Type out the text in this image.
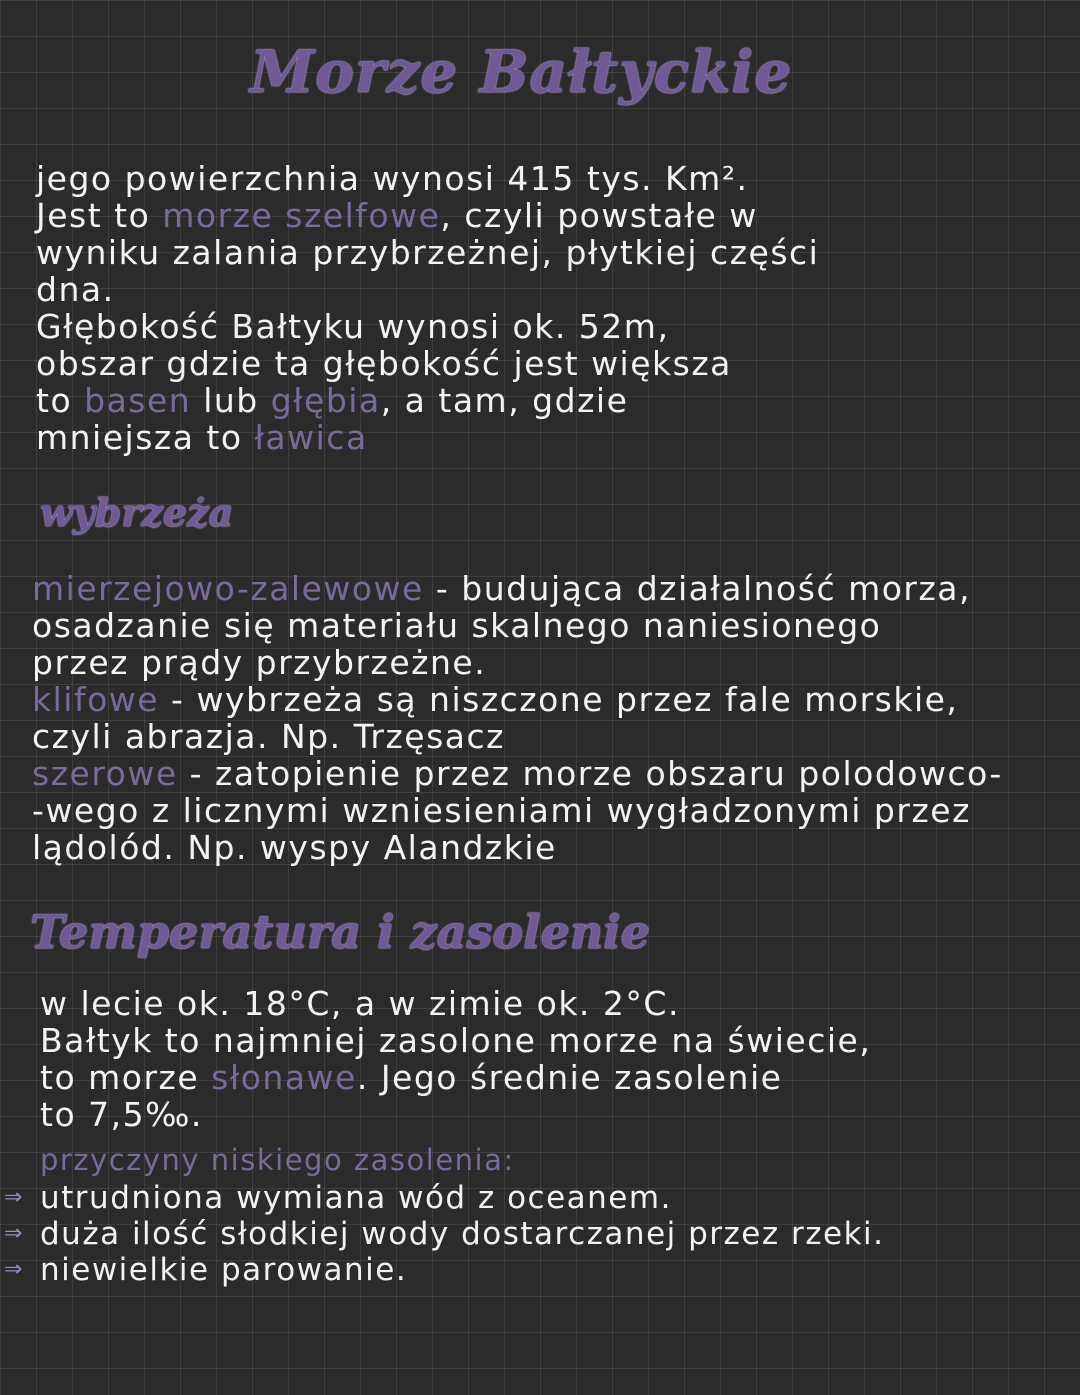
Morze Bałtyckie
jego powierzchnia wynosi 415 tys. Km².
Jest to morze szelfowe, czyli powstałe w
wyniku zalania przybrzeżnej, płytkiej części
dna.
Głębokość Bałtyku wynosi ok. 52m,
obszar gdzie ta głębokość jest większa
to basen lub głębia, a tam, gdzie
mniejsza to ławica
wybrzeża
mierzejowo-zalewowe - budująca działalność morza,
osadzanie się materiału skalnego naniesionego
przez prądy przybrzeżne.
klifowe - wybrzeża są niszczone przez fale morskie,
czyli abrazja. Np. Trzęsacz
szerowe - zatopienie przez morze obszaru polodowco-
-wego z licznymi wzniesieniami wygładzonymi przez
lądolód. Np. wyspy Alandzkie
Temperatura i zasolenie
w lecie ok. 18°C, a w zimie ok. 2°C.
Bałtyk to najmniej zasolone morze na świecie,
to morze słonawe. Jego średnie zasolenie
to 7,5‰.
przyczyny niskiego zasolenia:
⇒ utrudniona wymiana wód z oceanem.
⇒ duża ilość słodkiej wody dostarczanej przez rzeki.
⇒ niewielkie parowanie.
